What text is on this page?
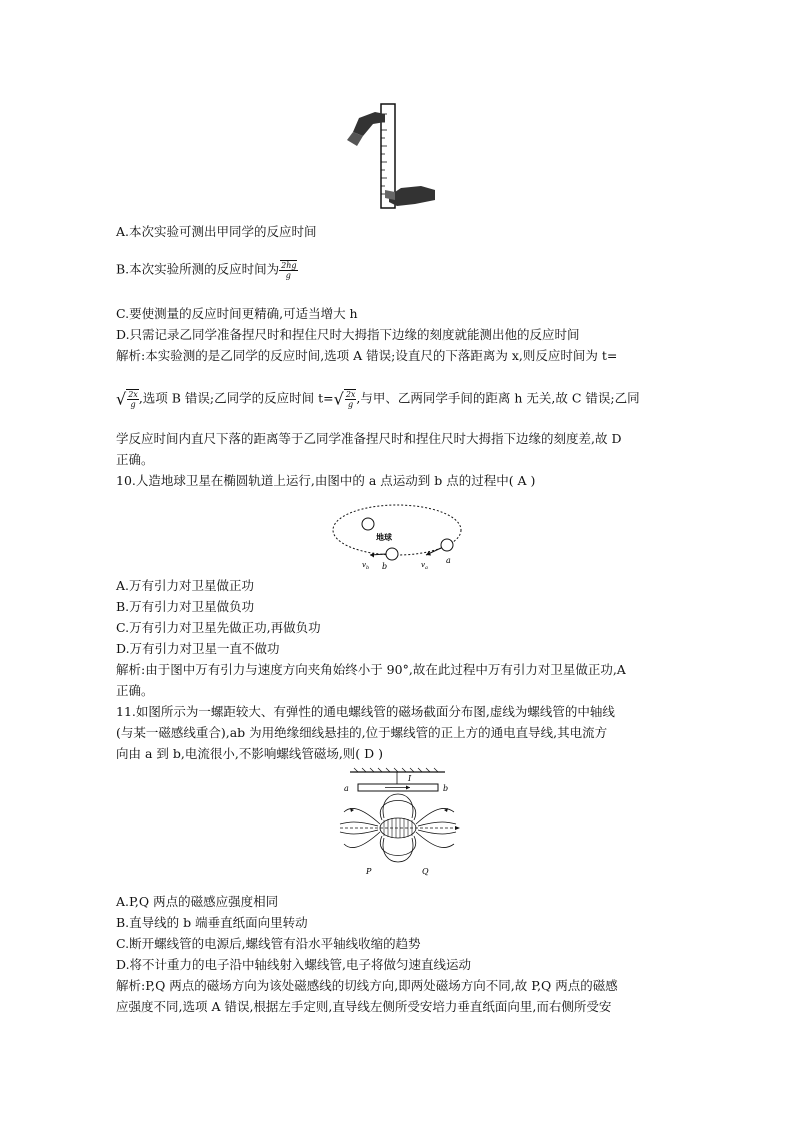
A.本次实验可测出甲同学的反应时间
B.本次实验所测的反应时间为 $\frac{2hg}{g}$
C.要使测量的反应时间更精确,可适当增大 h
D.只需记录乙同学准备捏尺时和捏住尺时大拇指下边缘的刻度就能测出他的反应时间
解析:本实验测的是乙同学的反应时间,选项 A 错误;设直尺的下落距离为 x,则反应时间为 t=
√ $\frac{2x}{g}$ ,选项 B 错误;乙同学的反应时间 $t=√ \frac{2x}{g}$ ,与甲、乙两同学手间的距离 h 无关,故 C 错误;乙同
学反应时间内直尺下落的距离等于乙同学准备捏尺时和捏住尺时大拇指下边缘的刻度差,故 D
正确。
10.人造地球卫星在椭圆轨道上运行,由图中的 a 点运动到 b 点的过程中( A )
地球
$v_b$ b	$v_a$
a
A.万有引力对卫星做正功
B.万有引力对卫星做负功
C.万有引力对卫星先做正功,再做负功
D.万有引力对卫星一直不做功
解析:由于图中万有引力与速度方向夹角始终小于 90°,故在此过程中万有引力对卫星做正功,A
正确。
11.如图所示为一螺距较大、有弹性的通电螺线管的磁场截面分布图,虚线为螺线管的中轴线
(与某一磁感线重合),ab 为用绝缘细线悬挂的,位于螺线管的正上方的通电直导线,其电流方
向由 a 到 b,电流很小,不影响螺线管磁场,则( D )
a	b
I
P	Q
A.P,Q 两点的磁感应强度相同
B.直导线的 b 端垂直纸面向里转动
C.断开螺线管的电源后,螺线管有沿水平轴线收缩的趋势
D.将不计重力的电子沿中轴线射入螺线管,电子将做匀速直线运动
解析:P,Q 两点的磁场方向为该处磁感线的切线方向,即两处磁场方向不同,故 P,Q 两点的磁感
应强度不同,选项 A 错误,根据左手定则,直导线左侧所受安培力垂直纸面向里,而右侧所受安
